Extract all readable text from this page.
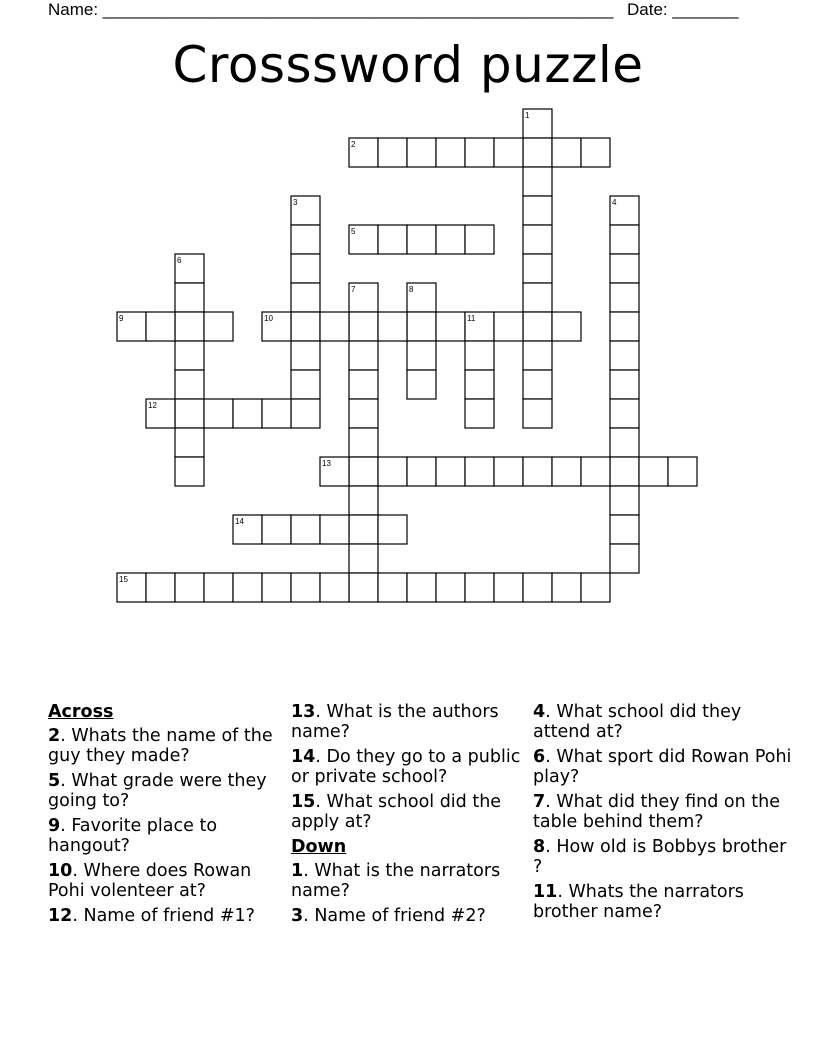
Name: ______________________________________________________ Date: _______
Crosssword puzzle
1
2
3	4
5
6
7	8
9	10	11
12
13
14
15
Across
2. Whats the name of the guy they made?
5. What grade were they going to?
9. Favorite place to hangout?
10. Where does Rowan Pohi volenteer at?
12. Name of friend #1?
13. What is the authors name?
14. Do they go to a public or private school?
15. What school did the apply at?
Down
1. What is the narrators name?
3. Name of friend #2?
4. What school did they attend at?
6. What sport did Rowan Pohi play?
7. What did they find on the table behind them?
8. How old is Bobbys brother ?
11. Whats the narrators brother name?
